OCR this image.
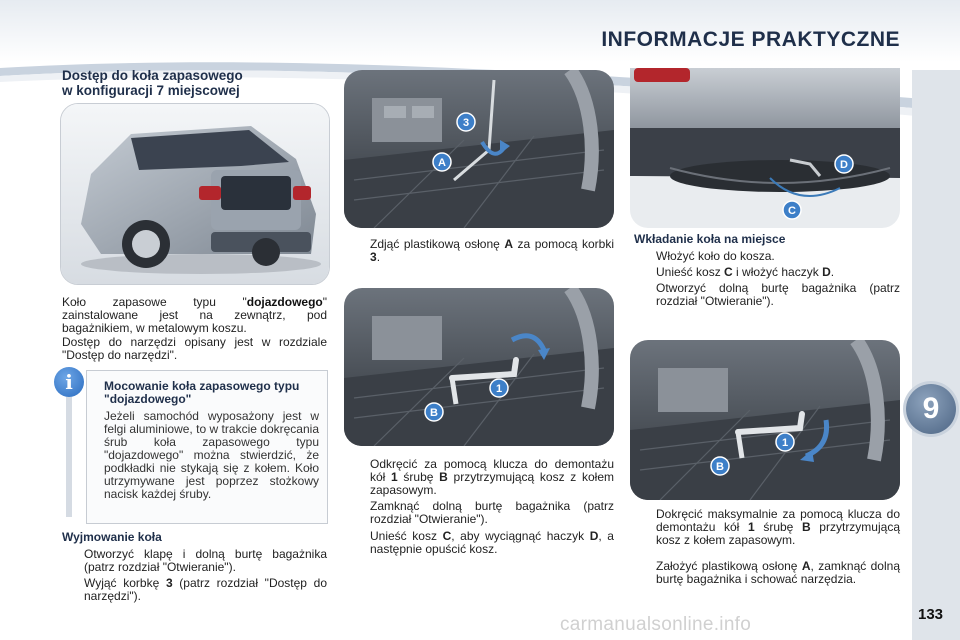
INFORMACJE PRAKTYCZNE
9
133
carmanualsonline.info
Dostęp do koła zapasowego
w konfiguracji 7 miejscowej
Koło zapasowe typu "dojazdowego" zainstalowane jest na zewnątrz, pod bagażnikiem, w metalowym koszu.
Dostęp do narzędzi opisany jest w rozdziale "Dostęp do narzędzi".
i	Mocowanie koła zapasowego typu "dojazdowego"
Jeżeli samochód wyposażony jest w felgi aluminiowe, to w trakcie dokręcania śrub koła zapasowego typu "dojazdowego" można stwierdzić, że podkładki nie stykają się z kołem. Koło utrzymywane jest poprzez stożkowy nacisk każdej śruby.
Wyjmowanie koła
Otworzyć klapę i dolną burtę bagażnika (patrz rozdział "Otwieranie").
Wyjąć korbkę 3 (patrz rozdział "Dostęp do narzędzi").
3
A
Zdjąć plastikową osłonę A za pomocą korbki 3.
1
B
Odkręcić za pomocą klucza do demontażu kół 1 śrubę B przytrzymującą kosz z kołem zapasowym.
Zamknąć dolną burtę bagażnika (patrz rozdział "Otwieranie").
Unieść kosz C, aby wyciągnąć haczyk D, a następnie opuścić kosz.
D
C
Wkładanie koła na miejsce
Włożyć koło do kosza.
Unieść kosz C i włożyć haczyk D.
Otworzyć dolną burtę bagażnika (patrz rozdział "Otwieranie").
1
B
Dokręcić maksymalnie za pomocą klucza do demontażu kół 1 śrubę B przytrzymującą kosz z kołem zapasowym.
Założyć plastikową osłonę A, zamknąć dolną burtę bagażnika i schować narzędzia.
